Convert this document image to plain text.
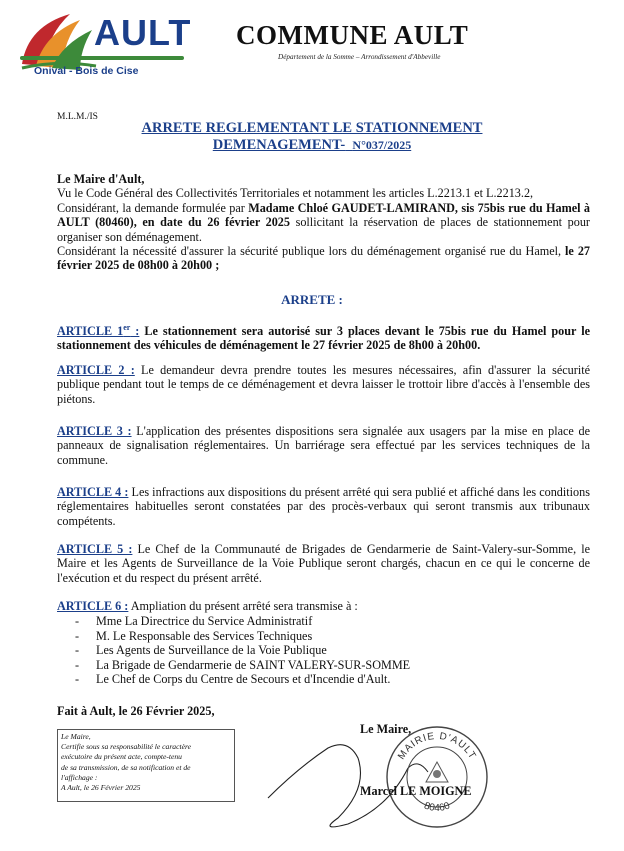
AULT
Onival - Bois de Cise
COMMUNE AULT
Département de la Somme – Arrondissement d'Abbeville
M.L.M./IS
ARRETE REGLEMENTANT LE STATIONNEMENT
DEMENAGEMENT- N°037/2025
Le Maire d'Ault,
Vu le Code Général des Collectivités Territoriales et notamment les articles L.2213.1 et L.2213.2,
Considérant, la demande formulée par Madame Chloé GAUDET-LAMIRAND, sis 75bis rue du Hamel à AULT (80460), en date du 26 février 2025 sollicitant la réservation de places de stationnement pour organiser son déménagement.
Considérant la nécessité d'assurer la sécurité publique lors du déménagement organisé rue du Hamel, le 27 février 2025 de 08h00 à 20h00 ;
ARRETE :
ARTICLE 1er : Le stationnement sera autorisé sur 3 places devant le 75bis rue du Hamel pour le stationnement des véhicules de déménagement le 27 février 2025 de 8h00 à 20h00.
ARTICLE 2 : Le demandeur devra prendre toutes les mesures nécessaires, afin d'assurer la sécurité publique pendant tout le temps de ce déménagement et devra laisser le trottoir libre d'accès à l'ensemble des piétons.
ARTICLE 3 : L'application des présentes dispositions sera signalée aux usagers par la mise en place de panneaux de signalisation réglementaires. Un barriérage sera effectué par les services techniques de la commune.
ARTICLE 4 : Les infractions aux dispositions du présent arrêté qui sera publié et affiché dans les conditions réglementaires habituelles seront constatées par des procès-verbaux qui seront transmis aux tribunaux compétents.
ARTICLE 5 : Le Chef de la Communauté de Brigades de Gendarmerie de Saint-Valery-sur-Somme, le Maire et les Agents de Surveillance de la Voie Publique seront chargés, chacun en ce qui le concerne de l'exécution et du respect du présent arrêté.
ARTICLE 6 : Ampliation du présent arrêté sera transmise à :
- Mme La Directrice du Service Administratif
- M. Le Responsable des Services Techniques
- Les Agents de Surveillance de la Voie Publique
- La Brigade de Gendarmerie de SAINT VALERY-SUR-SOMME
- Le Chef de Corps du Centre de Secours et d'Incendie d'Ault.
Fait à Ault, le 26 Février 2025,
Le Maire,
Certifie sous sa responsabilité le caractère
exécutoire du présent acte, compte-tenu
de sa transmission, de sa notification et de
l'affichage :
A Ault, le 26 Février 2025
Le Maire,
MAIRIE D'AULT
80460
Marcel LE MOIGNE
